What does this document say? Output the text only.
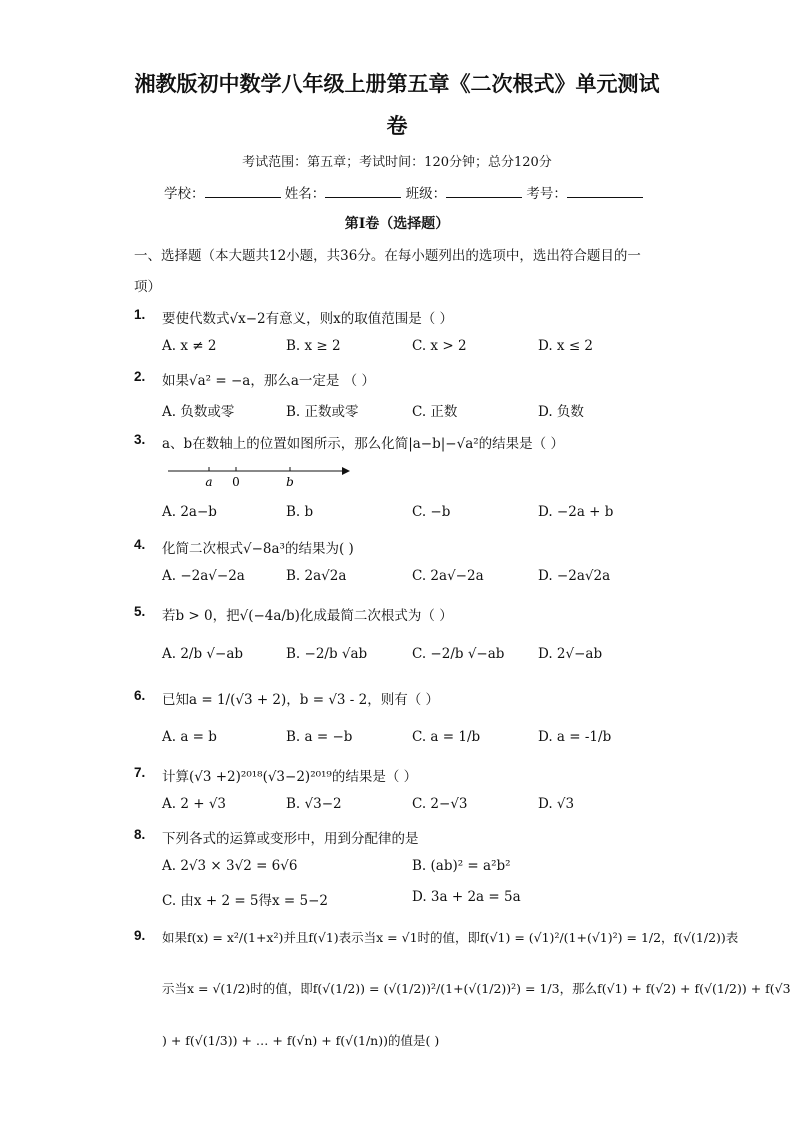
湘教版初中数学八年级上册第五章《二次根式》单元测试
卷
考试范围：第五章；考试时间：120分钟；总分120分
学校：	姓名：	班级：	考号：
第I卷（选择题）
一、选择题（本大题共12小题，共36分。在每小题列出的选项中，选出符合题目的一
项）
1. 要使代数式√x−2有意义，则x的取值范围是（ ）
A. x ≠ 2	B. x ≥ 2	C. x > 2	D. x ≤ 2
2. 如果√a² = −a，那么a一定是 （ ）
A. 负数或零	B. 正数或零	C. 正数	D. 负数
3. a、b在数轴上的位置如图所示，那么化简|a−b|−√a²的结果是（ ）
a 0	b
A. 2a−b	B. b	C. −b	D. −2a + b
4. 化简二次根式√−8a³的结果为( )
A. −2a√−2a	B. 2a√2a	C. 2a√−2a	D. −2a√2a
5. 若b > 0，把√(−4a/b)化成最简二次根式为（ ）
A. 2/b √−ab	B. −2/b √ab	C. −2/b √−ab D. 2√−ab
6. 已知a = 1/(√3 + 2)，b = √3 - 2，则有（ ）
A. a = b	B. a = −b	C. a = 1/b	D. a = -1/b
7. 计算(√3 +2)²⁰¹⁸(√3−2)²⁰¹⁹的结果是（ ）
A. 2 + √3	B. √3−2	C. 2−√3	D. √3
8. 下列各式的运算或变形中，用到分配律的是
A. 2√3 × 3√2 = 6√6	B. (ab)² = a²b²
C. 由x + 2 = 5得x = 5−2	D. 3a + 2a = 5a
9. 如果f(x) = x²/(1+x²)并且f(√1)表示当x = √1时的值，即f(√1) = (√1)²/(1+(√1)²) = 1/2，f(√(1/2))表
示当x = √(1/2)时的值，即f(√(1/2)) = (√(1/2))²/(1+(√(1/2))²) = 1/3，那么f(√1) + f(√2) + f(√(1/2)) + f(√3
) + f(√(1/3)) + … + f(√n) + f(√(1/n))的值是( )
